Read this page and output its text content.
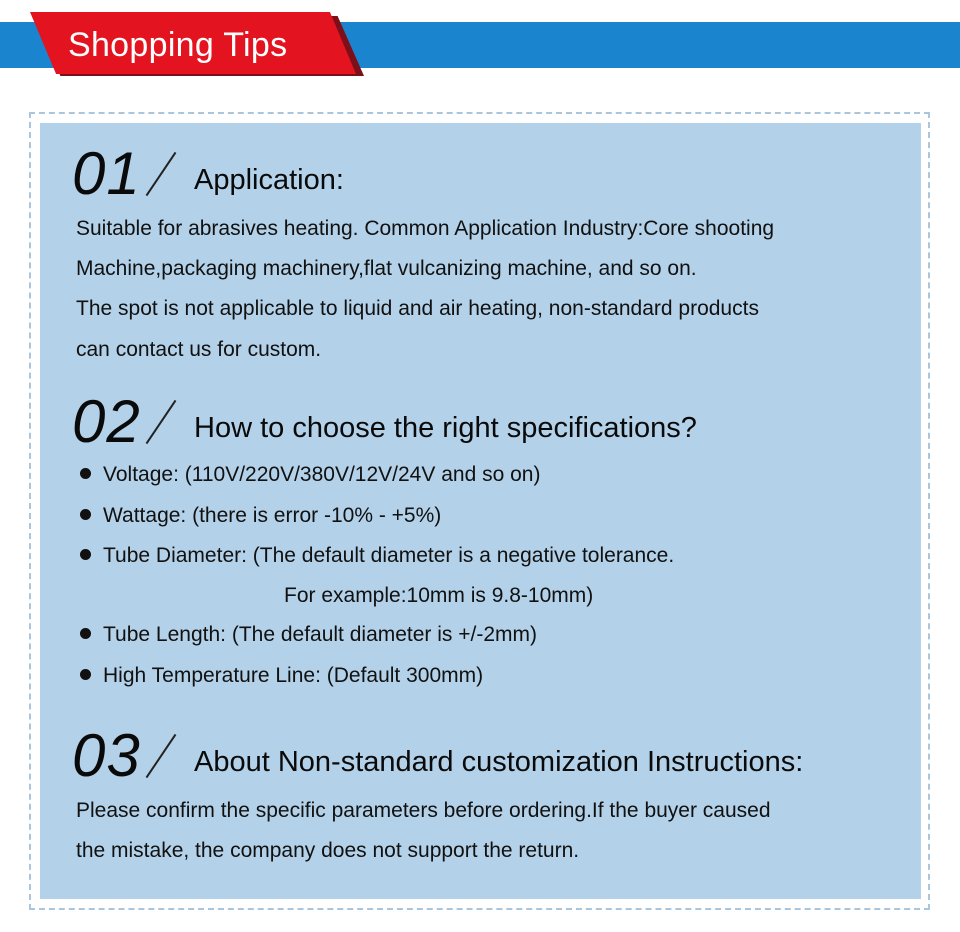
Shopping Tips
01 Application:
Suitable for abrasives heating. Common Application Industry:Core shooting
Machine,packaging machinery,flat vulcanizing machine, and so on.
The spot is not applicable to liquid and air heating, non-standard products
can contact us for custom.
02 How to choose the right specifications?
Voltage: (110V/220V/380V/12V/24V and so on)
Wattage: (there is error -10% - +5%)
Tube Diameter: (The default diameter is a negative tolerance.
For example:10mm is 9.8-10mm)
Tube Length: (The default diameter is +/-2mm)
High Temperature Line: (Default 300mm)
03 About Non-standard customization Instructions:
Please confirm the specific parameters before ordering.If the buyer caused
the mistake, the company does not support the return.
